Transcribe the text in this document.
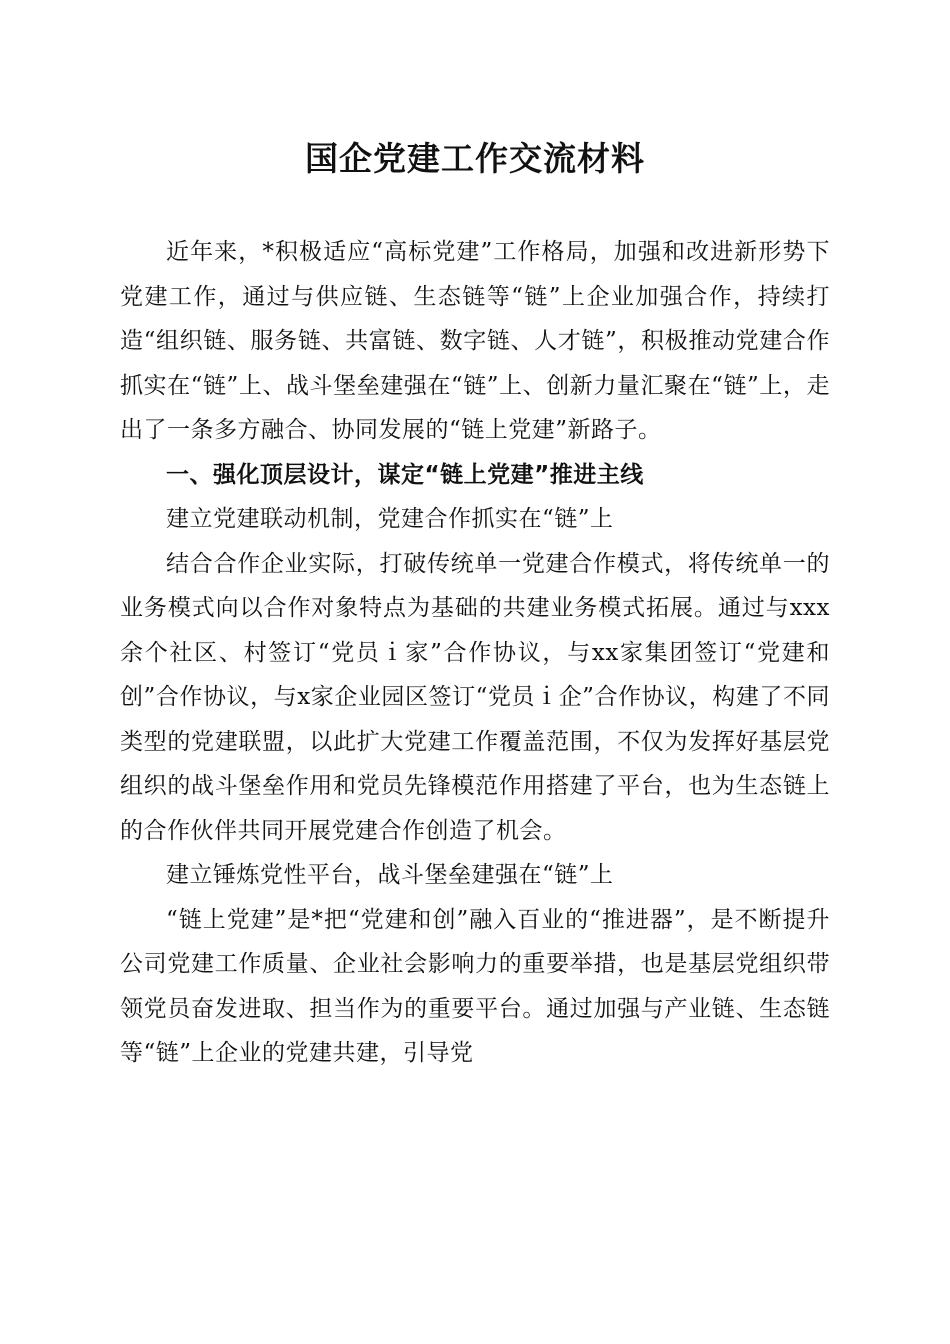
国企党建工作交流材料

近年来，*积极适应“高标党建”工作格局，加强和改进新形势下党建工作，通过与供应链、生态链等“链”上企业加强合作，持续打造“组织链、服务链、共富链、数字链、人才链”，积极推动党建合作抓实在“链”上、战斗堡垒建强在“链”上、创新力量汇聚在“链”上，走出了一条多方融合、协同发展的“链上党建”新路子。

一、强化顶层设计，谋定“链上党建”推进主线

建立党建联动机制，党建合作抓实在“链”上

结合合作企业实际，打破传统单一党建合作模式，将传统单一的业务模式向以合作对象特点为基础的共建业务模式拓展。通过与xxx余个社区、村签订“党员ｉ家”合作协议，与xx家集团签订“党建和创”合作协议，与x家企业园区签订“党员ｉ企”合作协议，构建了不同类型的党建联盟，以此扩大党建工作覆盖范围，不仅为发挥好基层党组织的战斗堡垒作用和党员先锋模范作用搭建了平台，也为生态链上的合作伙伴共同开展党建合作创造了机会。

建立锤炼党性平台，战斗堡垒建强在“链”上

“链上党建”是*把“党建和创”融入百业的“推进器”，是不断提升公司党建工作质量、企业社会影响力的重要举措，也是基层党组织带领党员奋发进取、担当作为的重要平台。通过加强与产业链、生态链等“链”上企业的党建共建，引导党
